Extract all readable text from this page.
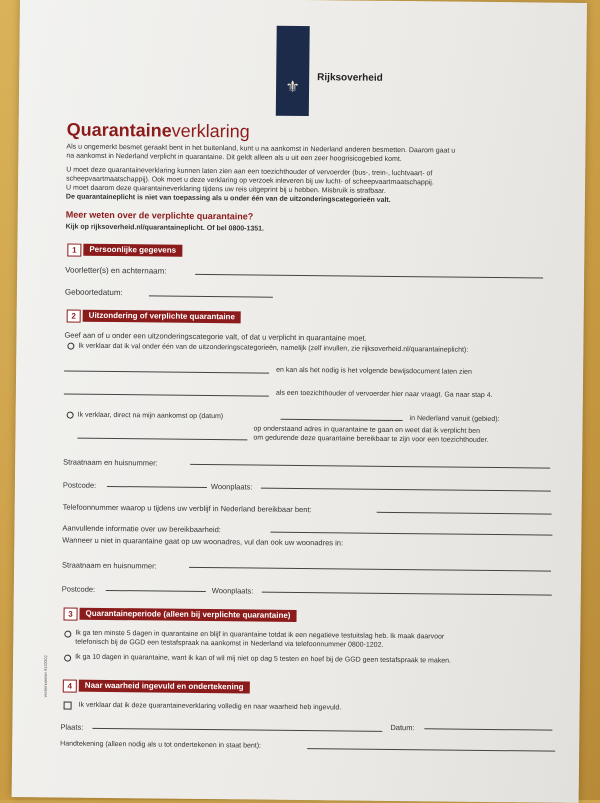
⚜
Rijksoverheid
Quarantaineverklaring
Als u ongemerkt besmet geraakt bent in het buitenland, kunt u na aankomst in Nederland anderen besmetten. Daarom gaat u
na aankomst in Nederland verplicht in quarantaine. Dit geldt alleen als u uit een zeer hoogrisicogebied komt.
U moet deze quarantaineverklaring kunnen laten zien aan een toezichthouder of vervoerder (bus-, trein-, luchtvaart- of
scheepvaartmaatschappij). Ook moet u deze verklaring op verzoek inleveren bij uw lucht- of scheepvaartmaatschappij.
U moet daarom deze quarantaineverklaring tijdens uw reis uitgeprint bij u hebben. Misbruik is strafbaar.
De quarantaineplicht is niet van toepassing als u onder één van de uitzonderingscategorieën valt.
Meer weten over de verplichte quarantaine?
Kijk op rijksoverheid.nl/quarantaineplicht. Of bel 0800-1351.
1	Persoonlijke gegevens
Voorletter(s) en achternaam:
Geboortedatum:
2	Uitzondering of verplichte quarantaine
Geef aan of u onder een uitzonderingscategorie valt, of dat u verplicht in quarantaine moet.
Ik verklaar dat ik val onder één van de uitzonderingscategorieën, namelijk (zelf invullen, zie rijksoverheid.nl/quarantaineplicht):
en kan als het nodig is het volgende bewijsdocument laten zien
als een toezichthouder of vervoerder hier naar vraagt. Ga naar stap 4.
Ik verklaar, direct na mijn aankomst op (datum)	in Nederland vanuit (gebied):
op onderstaand adres in quarantaine te gaan en weet dat ik verplicht ben
om gedurende deze quarantaine bereikbaar te zijn voor een toezichthouder.
Straatnaam en huisnummer:
Postcode:	Woonplaats:
Telefoonnummer waarop u tijdens uw verblijf in Nederland bereikbaar bent:
Aanvullende informatie over uw bereikbaarheid:
Wanneer u niet in quarantaine gaat op uw woonadres, vul dan ook uw woonadres in:
Straatnaam en huisnummer:
Postcode:	Woonplaats:
3	Quarantaineperiode (alleen bij verplichte quarantaine)
Ik ga ten minste 5 dagen in quarantaine en blijf in quarantaine totdat ik een negatieve testuitslag heb. Ik maak daarvoor
telefonisch bij de GGD een testafspraak na aankomst in Nederland via telefoonnummer 0800-1202.
Ik ga 10 dagen in quarantaine, want ik kan of wil mij niet op dag 5 testen en hoef bij de GGD geen testafspraak te maken.
4	Naar waarheid ingevuld en ondertekening
Ik verklaar dat ik deze quarantaineverklaring volledig en naar waarheid heb ingevuld.
Plaats:	Datum:
Handtekening (alleen nodig als u tot ondertekenen in staat bent):
versienummer 9133302
